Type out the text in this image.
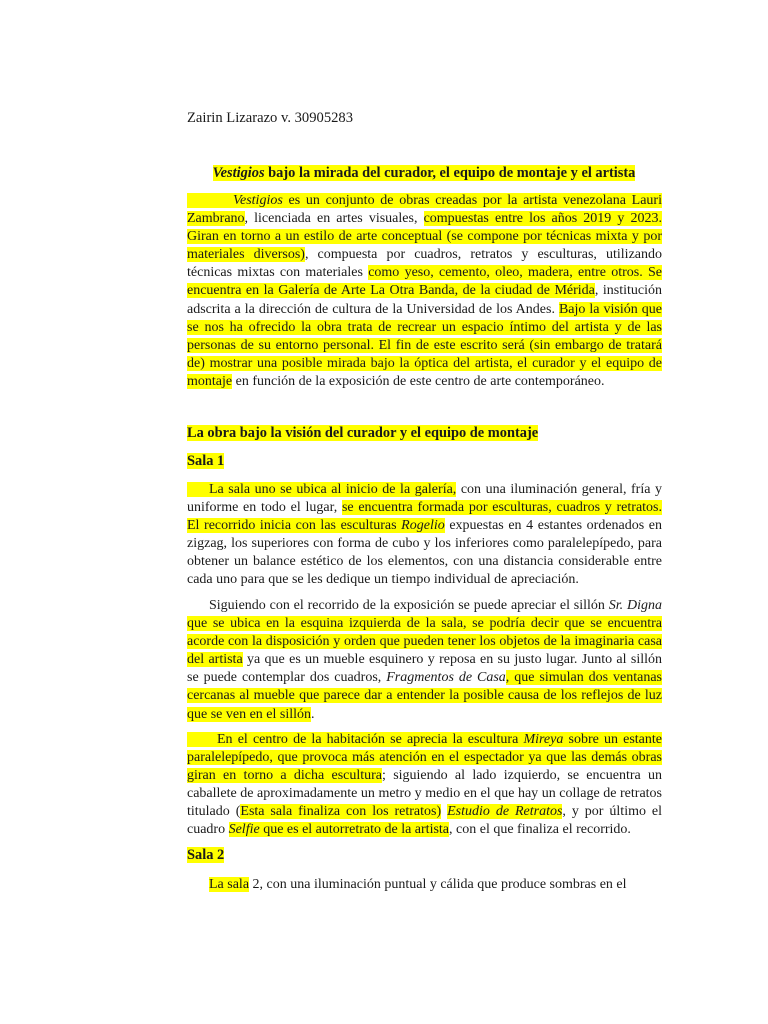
Zairin Lizarazo v. 30905283
Vestigios bajo la mirada del curador, el equipo de montaje y el artista
Vestigios es un conjunto de obras creadas por la artista venezolana Lauri Zambrano, licenciada en artes visuales, compuestas entre los años 2019 y 2023. Giran en torno a un estilo de arte conceptual (se compone por técnicas mixta y por materiales diversos), compuesta por cuadros, retratos y esculturas, utilizando técnicas mixtas con materiales como yeso, cemento, oleo, madera, entre otros. Se encuentra en la Galería de Arte La Otra Banda, de la ciudad de Mérida, institución adscrita a la dirección de cultura de la Universidad de los Andes. Bajo la visión que se nos ha ofrecido la obra trata de recrear un espacio íntimo del artista y de las personas de su entorno personal. El fin de este escrito será (sin embargo de tratará de) mostrar una posible mirada bajo la óptica del artista, el curador y el equipo de montaje en función de la exposición de este centro de arte contemporáneo.
La obra bajo la visión del curador y el equipo de montaje
Sala 1
La sala uno se ubica al inicio de la galería, con una iluminación general, fría y uniforme en todo el lugar, se encuentra formada por esculturas, cuadros y retratos. El recorrido inicia con las esculturas Rogelio expuestas en 4 estantes ordenados en zigzag, los superiores con forma de cubo y los inferiores como paralelepípedo, para obtener un balance estético de los elementos, con una distancia considerable entre cada uno para que se les dedique un tiempo individual de apreciación.
Siguiendo con el recorrido de la exposición se puede apreciar el sillón Sr. Digna que se ubica en la esquina izquierda de la sala, se podría decir que se encuentra acorde con la disposición y orden que pueden tener los objetos de la imaginaria casa del artista ya que es un mueble esquinero y reposa en su justo lugar. Junto al sillón se puede contemplar dos cuadros, Fragmentos de Casa, que simulan dos ventanas cercanas al mueble que parece dar a entender la posible causa de los reflejos de luz que se ven en el sillón.
En el centro de la habitación se aprecia la escultura Mireya sobre un estante paralelepípedo, que provoca más atención en el espectador ya que las demás obras giran en torno a dicha escultura; siguiendo al lado izquierdo, se encuentra un caballete de aproximadamente un metro y medio en el que hay un collage de retratos titulado (Esta sala finaliza con los retratos) Estudio de Retratos, y por último el cuadro Selfie que es el autorretrato de la artista, con el que finaliza el recorrido.
Sala 2
La sala 2, con una iluminación puntual y cálida que produce sombras en el
